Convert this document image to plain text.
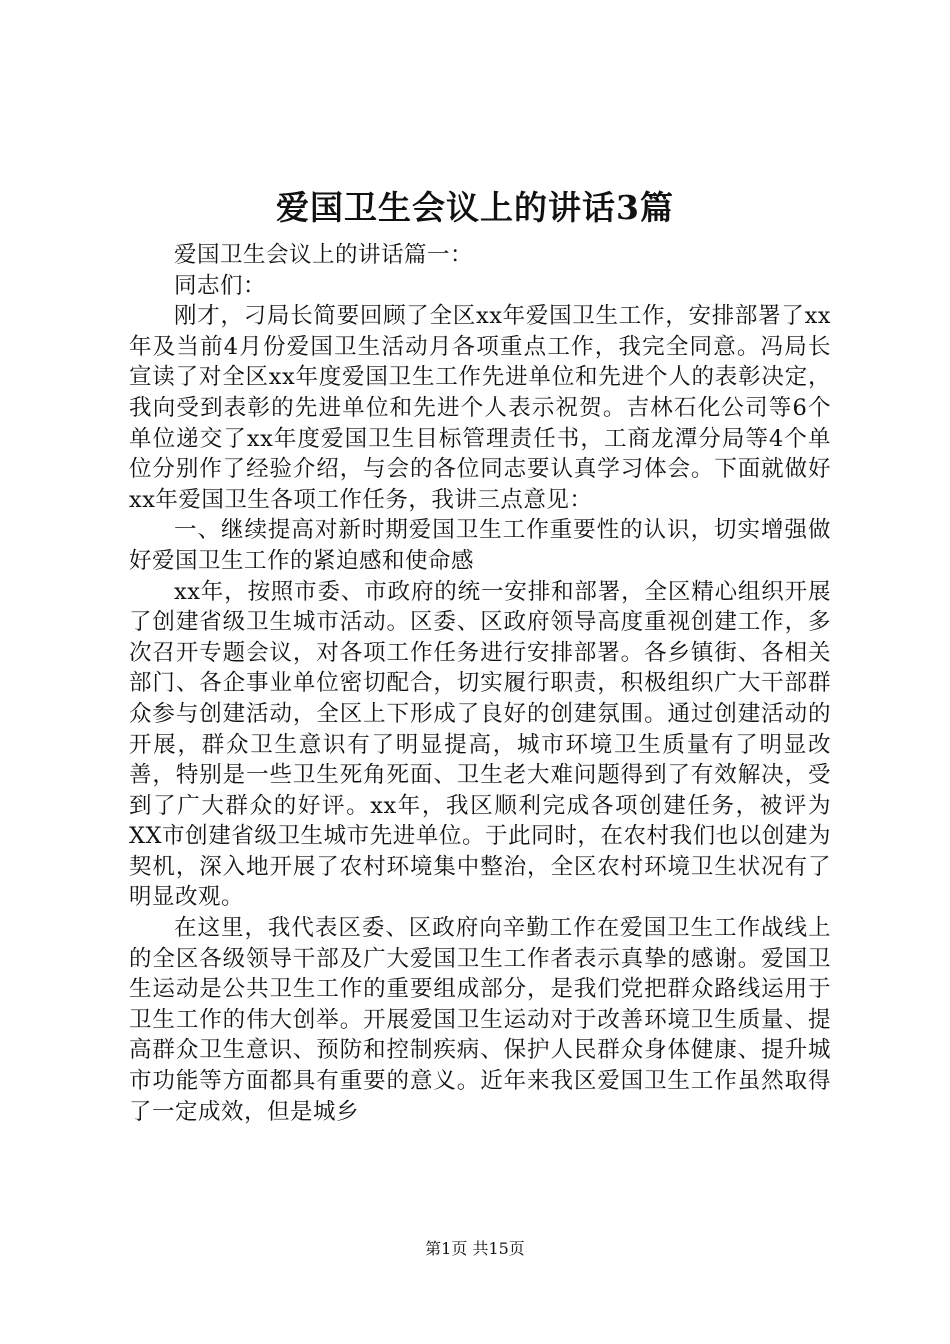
爱国卫生会议上的讲话3篇

爱国卫生会议上的讲话篇一：

同志们：

刚才，刁局长简要回顾了全区xx年爱国卫生工作，安排部署了xx年及当前4月份爱国卫生活动月各项重点工作，我完全同意。冯局长宣读了对全区xx年度爱国卫生工作先进单位和先进个人的表彰决定，我向受到表彰的先进单位和先进个人表示祝贺。吉林石化公司等6个单位递交了xx年度爱国卫生目标管理责任书，工商龙潭分局等4个单位分别作了经验介绍，与会的各位同志要认真学习体会。下面就做好xx年爱国卫生各项工作任务，我讲三点意见：

一、继续提高对新时期爱国卫生工作重要性的认识，切实增强做好爱国卫生工作的紧迫感和使命感

xx年，按照市委、市政府的统一安排和部署，全区精心组织开展了创建省级卫生城市活动。区委、区政府领导高度重视创建工作，多次召开专题会议，对各项工作任务进行安排部署。各乡镇街、各相关部门、各企事业单位密切配合，切实履行职责，积极组织广大干部群众参与创建活动，全区上下形成了良好的创建氛围。通过创建活动的开展，群众卫生意识有了明显提高，城市环境卫生质量有了明显改善，特别是一些卫生死角死面、卫生老大难问题得到了有效解决，受到了广大群众的好评。xx年，我区顺利完成各项创建任务，被评为XX市创建省级卫生城市先进单位。于此同时，在农村我们也以创建为契机，深入地开展了农村环境集中整治，全区农村环境卫生状况有了明显改观。

在这里，我代表区委、区政府向辛勤工作在爱国卫生工作战线上的全区各级领导干部及广大爱国卫生工作者表示真挚的感谢。爱国卫生运动是公共卫生工作的重要组成部分，是我们党把群众路线运用于卫生工作的伟大创举。开展爱国卫生运动对于改善环境卫生质量、提高群众卫生意识、预防和控制疾病、保护人民群众身体健康、提升城市功能等方面都具有重要的意义。近年来我区爱国卫生工作虽然取得了一定成效，但是城乡

第1页 共15页
